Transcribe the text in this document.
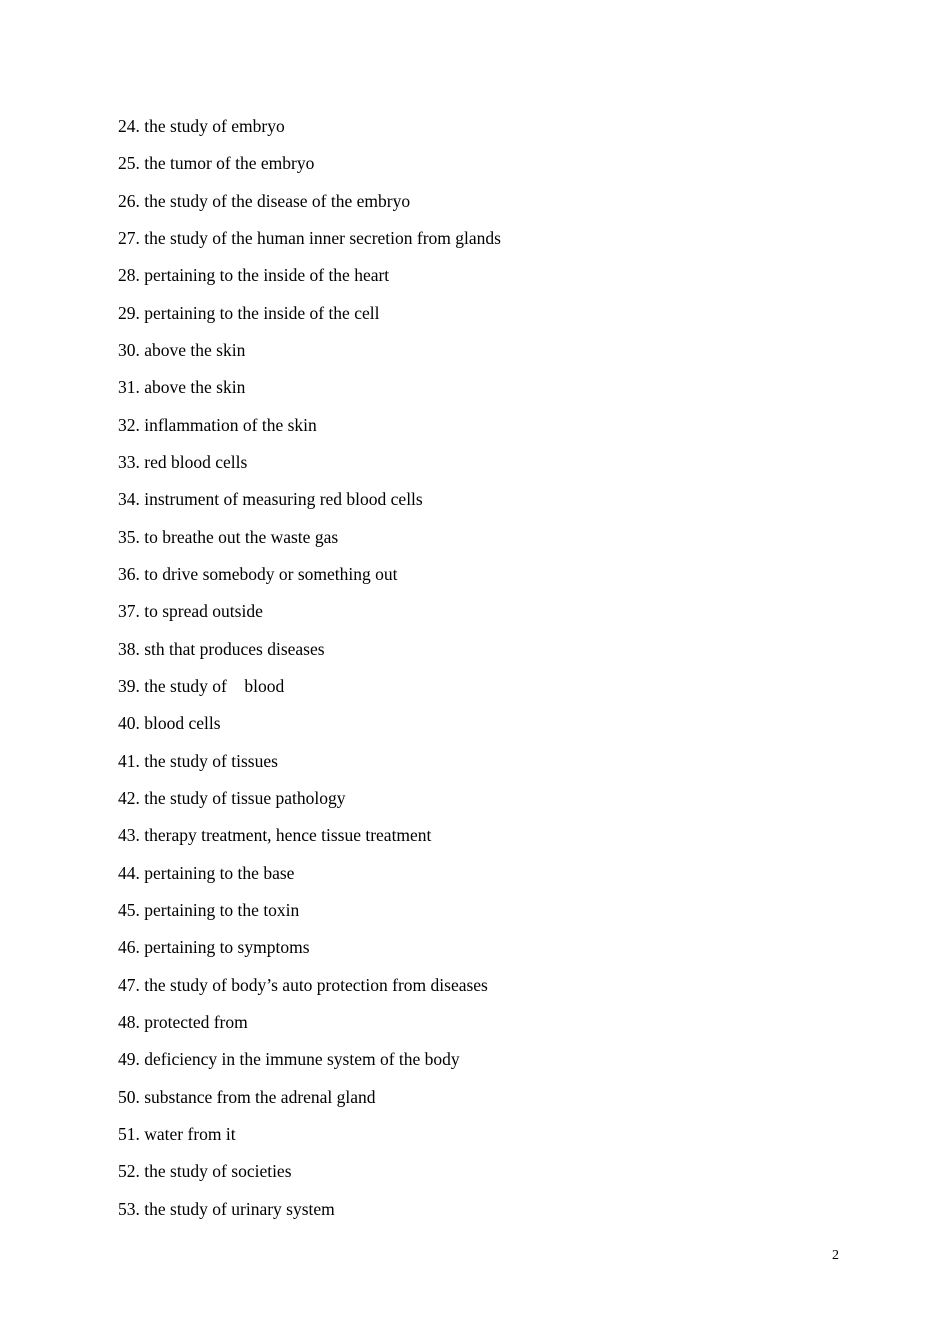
24. the study of embryo
25. the tumor of the embryo
26. the study of the disease of the embryo
27. the study of the human inner secretion from glands
28. pertaining to the inside of the heart
29. pertaining to the inside of the cell
30. above the skin
31. above the skin
32. inflammation of the skin
33. red blood cells
34. instrument of measuring red blood cells
35. to breathe out the waste gas
36. to drive somebody or something out
37. to spread outside
38. sth that produces diseases
39. the study of    blood
40. blood cells
41. the study of tissues
42. the study of tissue pathology
43. therapy treatment, hence tissue treatment
44. pertaining to the base
45. pertaining to the toxin
46. pertaining to symptoms
47. the study of body’s auto protection from diseases
48. protected from
49. deficiency in the immune system of the body
50. substance from the adrenal gland
51. water from it
52. the study of societies
53. the study of urinary system
2
